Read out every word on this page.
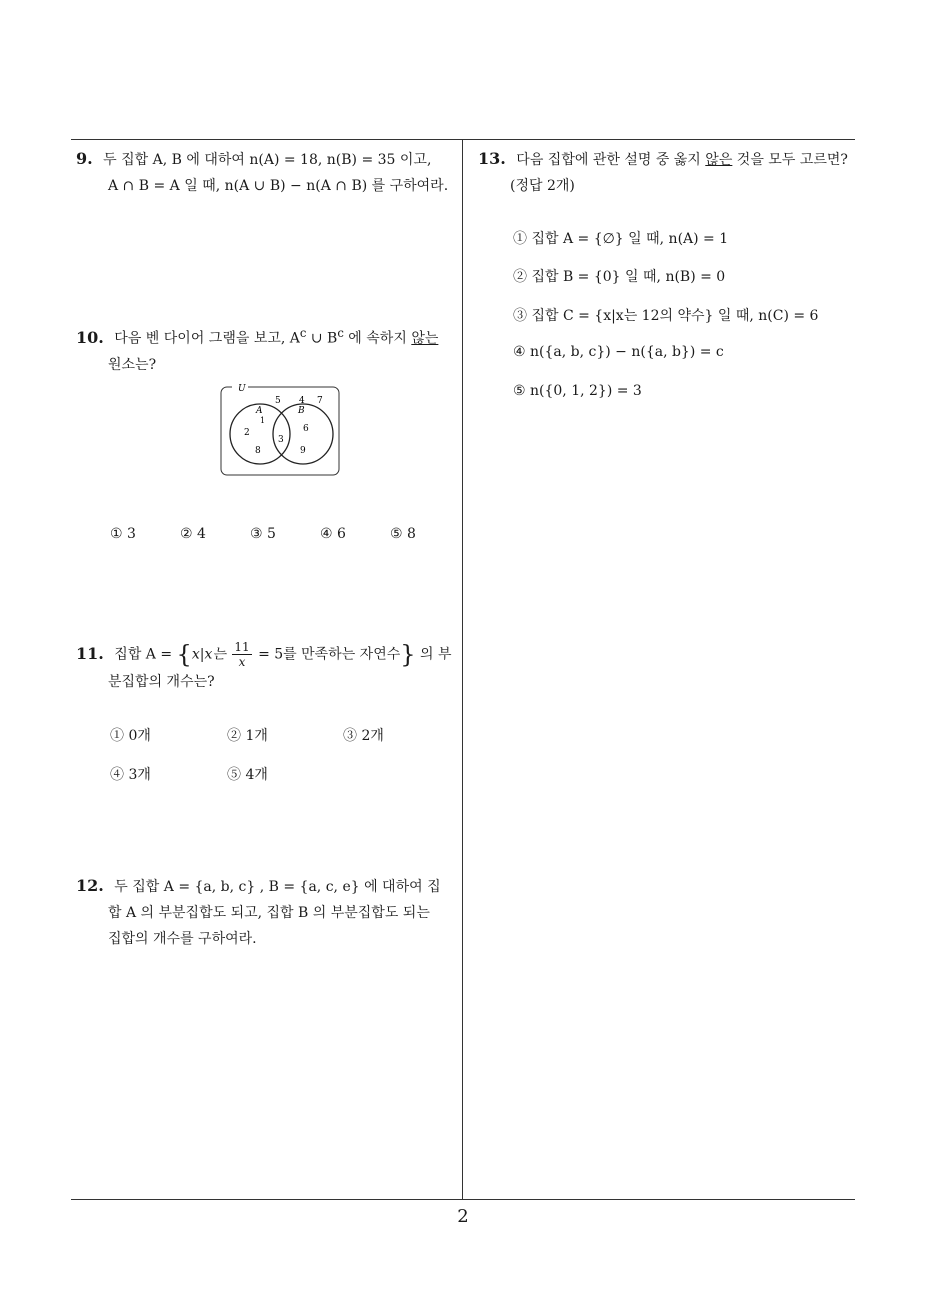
9. 두 집합 A, B 에 대하여 n(A) = 18, n(B) = 35 이고,
A ∩ B = A 일 때, n(A ∪ B) − n(A ∩ B) 를 구하여라.
10. 다음 벤 다이어 그램을 보고, $A^c$ ∪ $B^c$ 에 속하지 않는
원소는?
U
A	B
5 4 7
1
2
3
6
8	9
① 3	② 4	③ 5	④ 6	⑤ 8
11. 집합 A = {x|x는 $\frac{11}{x} = 5$를 만족하는 자연수} 의 부
분집합의 개수는?
① 0개	② 1개	③ 2개
④ 3개	⑤ 4개
12. 두 집합 A = {a, b, c} , B = {a, c, e} 에 대하여 집
합 A 의 부분집합도 되고, 집합 B 의 부분집합도 되는
집합의 개수를 구하여라.
13. 다음 집합에 관한 설명 중 옳지 않은 것을 모두 고르면?
(정답 2개)
① 집합 A = {∅} 일 때, n(A) = 1
② 집합 B = {0} 일 때, n(B) = 0
③ 집합 C = {x|x는 12의 약수} 일 때, n(C) = 6
④ n({a, b, c}) − n({a, b}) = c
⑤ n({0, 1, 2}) = 3
2
